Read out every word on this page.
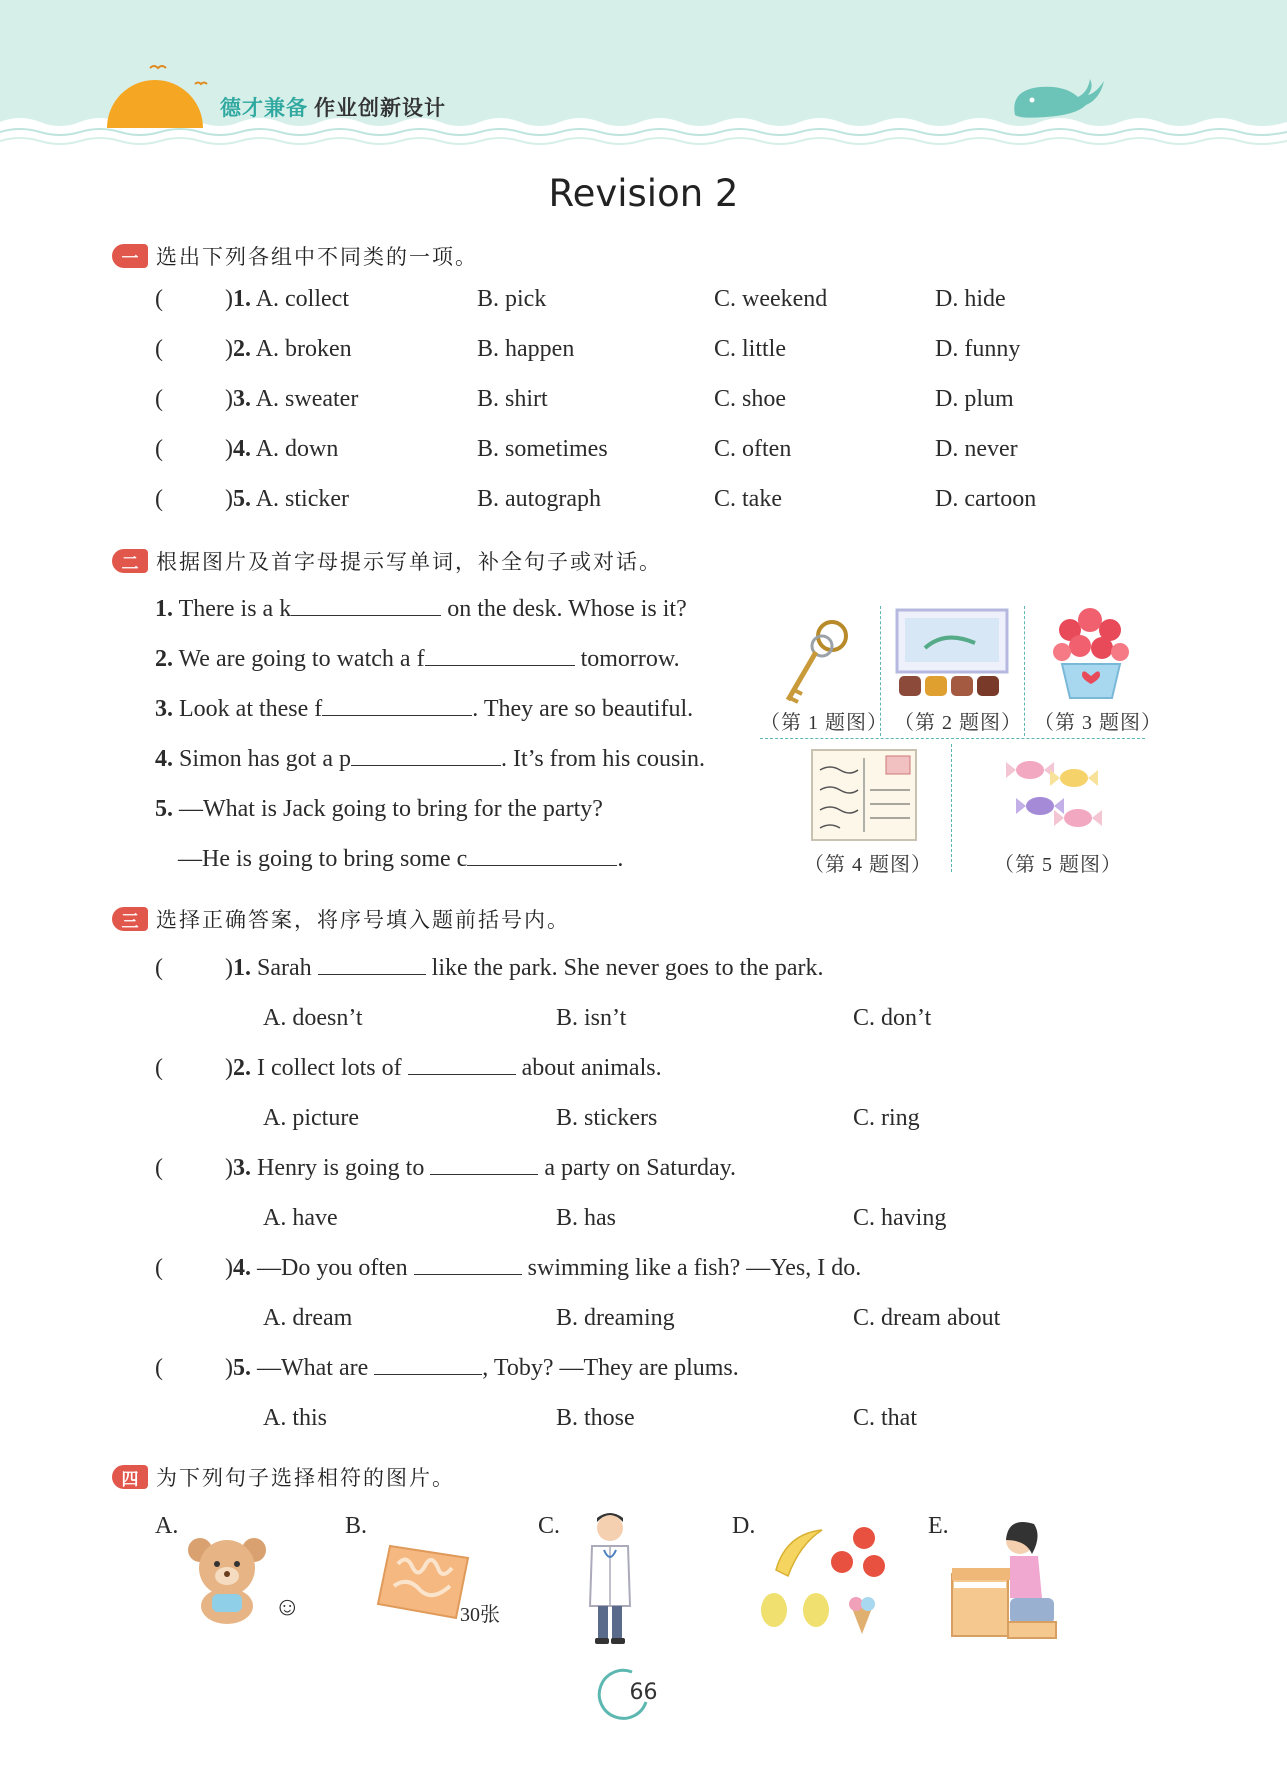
德才兼备 作业创新设计
Revision 2
一 选出下列各组中不同类的一项。
(	)1. A. collect	B. pick	C. weekend	D. hide
(	)2. A. broken	B. happen	C. little	D. funny
(	)3. A. sweater	B. shirt	C. shoe	D. plum
(	)4. A. down	B. sometimes	C. often	D. never
(	)5. A. sticker	B. autograph	C. take	D. cartoon
二 根据图片及首字母提示写单词，补全句子或对话。
1. There is a k	on the desk. Whose is it?
2. We are going to watch a f	tomorrow.
3. Look at these f	. They are so beautiful.
4. Simon has got a p	. It’s from his cousin.
5. —What is Jack going to bring for the party?
—He is going to bring some c	.
（第 1 题图） （第 2 题图） （第 3 题图）
（第 4 题图）	（第 5 题图）
三 选择正确答案，将序号填入题前括号内。
(	)1. Sarah	like the park. She never goes to the park.
A. doesn’t	B. isn’t	C. don’t
(	)2. I collect lots of	about animals.
A. picture	B. stickers	C. ring
(	)3. Henry is going to	a party on Saturday.
A. have	B. has	C. having
(	)4. —Do you often	swimming like a fish? —Yes, I do.
A. dream	B. dreaming	C. dream about
(	)5. —What are	, Toby? —They are plums.
A. this	B. those	C. that
四 为下列句子选择相符的图片。
A.	B.	C.	D.	E.
☺	30张
66
